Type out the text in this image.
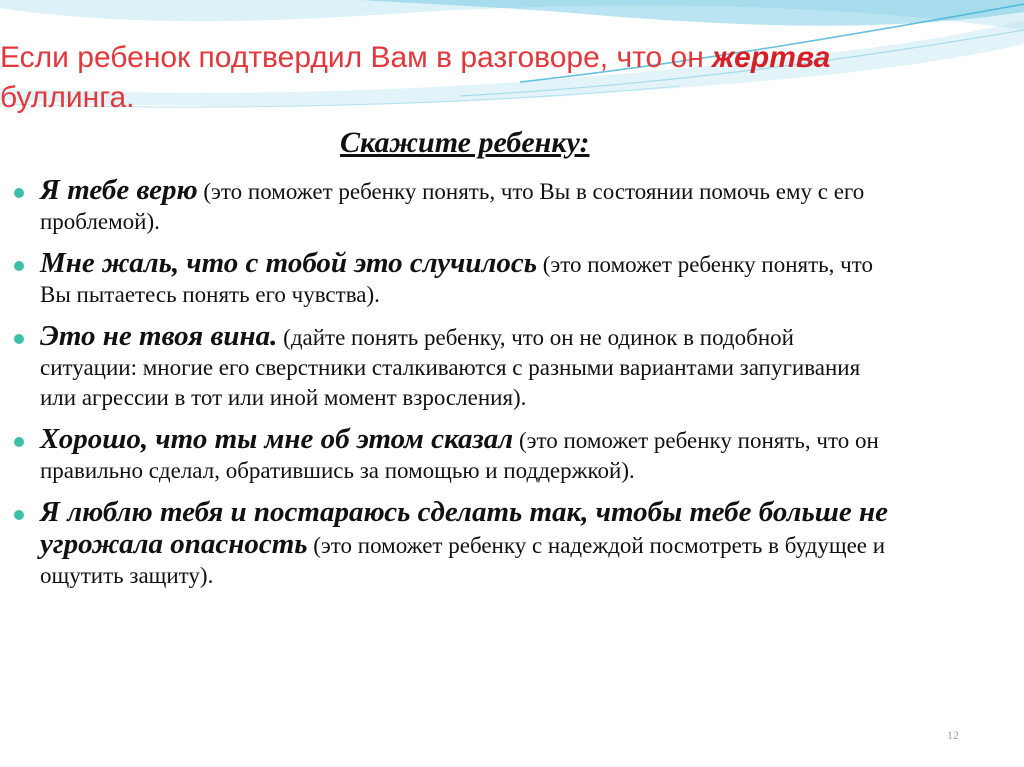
Если ребенок подтвердил Вам в разговоре, что он жертва буллинга.
Скажите ребенку:
Я тебе верю (это поможет ребенку понять, что Вы в состоянии помочь ему с его проблемой).
Мне жаль, что с тобой это случилось (это поможет ребенку понять, что Вы пытаетесь понять его чувства).
Это не твоя вина. (дайте понять ребенку, что он не одинок в подобной ситуации: многие его сверстники сталкиваются с разными вариантами запугивания или агрессии в тот или иной момент взросления).
Хорошо, что ты мне об этом сказал (это поможет ребенку понять, что он правильно сделал, обратившись за помощью и поддержкой).
Я люблю тебя и постараюсь сделать так, чтобы тебе больше не угрожала опасность (это поможет ребенку с надеждой посмотреть в будущее и ощутить защиту).
12
